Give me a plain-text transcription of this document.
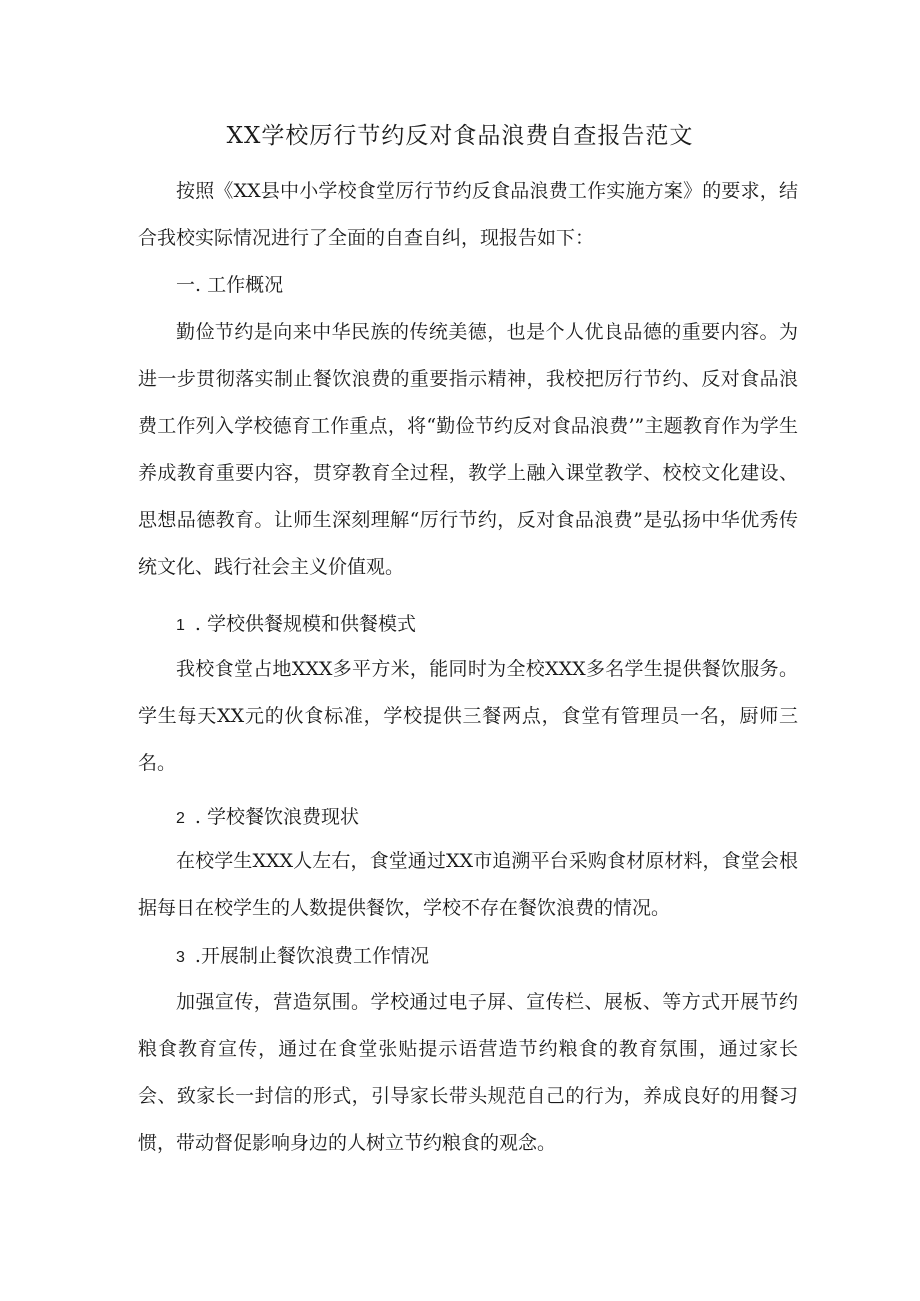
XX学校厉行节约反对食品浪费自查报告范文

按照《XX县中小学校食堂厉行节约反食品浪费工作实施方案》的要求，结合我校实际情况进行了全面的自查自纠，现报告如下：

一. 工作概况

勤俭节约是向来中华民族的传统美德，也是个人优良品德的重要内容。为进一步贯彻落实制止餐饮浪费的重要指示精神，我校把厉行节约、反对食品浪费工作列入学校德育工作重点，将“勤俭节约反对食品浪费’”主题教育作为学生养成教育重要内容，贯穿教育全过程，教学上融入课堂教学、校校文化建设、思想品德教育。让师生深刻理解“厉行节约，反对食品浪费”是弘扬中华优秀传统文化、践行社会主义价值观。

1 . 学校供餐规模和供餐模式

我校食堂占地XXX多平方米，能同时为全校XXX多名学生提供餐饮服务。学生每天XX元的伙食标准，学校提供三餐两点，食堂有管理员一名，厨师三名。

2 . 学校餐饮浪费现状

在校学生XXX人左右，食堂通过XX市追溯平台采购食材原材料，食堂会根据每日在校学生的人数提供餐饮，学校不存在餐饮浪费的情况。

3 .开展制止餐饮浪费工作情况

加强宣传，营造氛围。学校通过电子屏、宣传栏、展板、等方式开展节约粮食教育宣传，通过在食堂张贴提示语营造节约粮食的教育氛围，通过家长会、致家长一封信的形式，引导家长带头规范自己的行为，养成良好的用餐习惯，带动督促影响身边的人树立节约粮食的观念。
